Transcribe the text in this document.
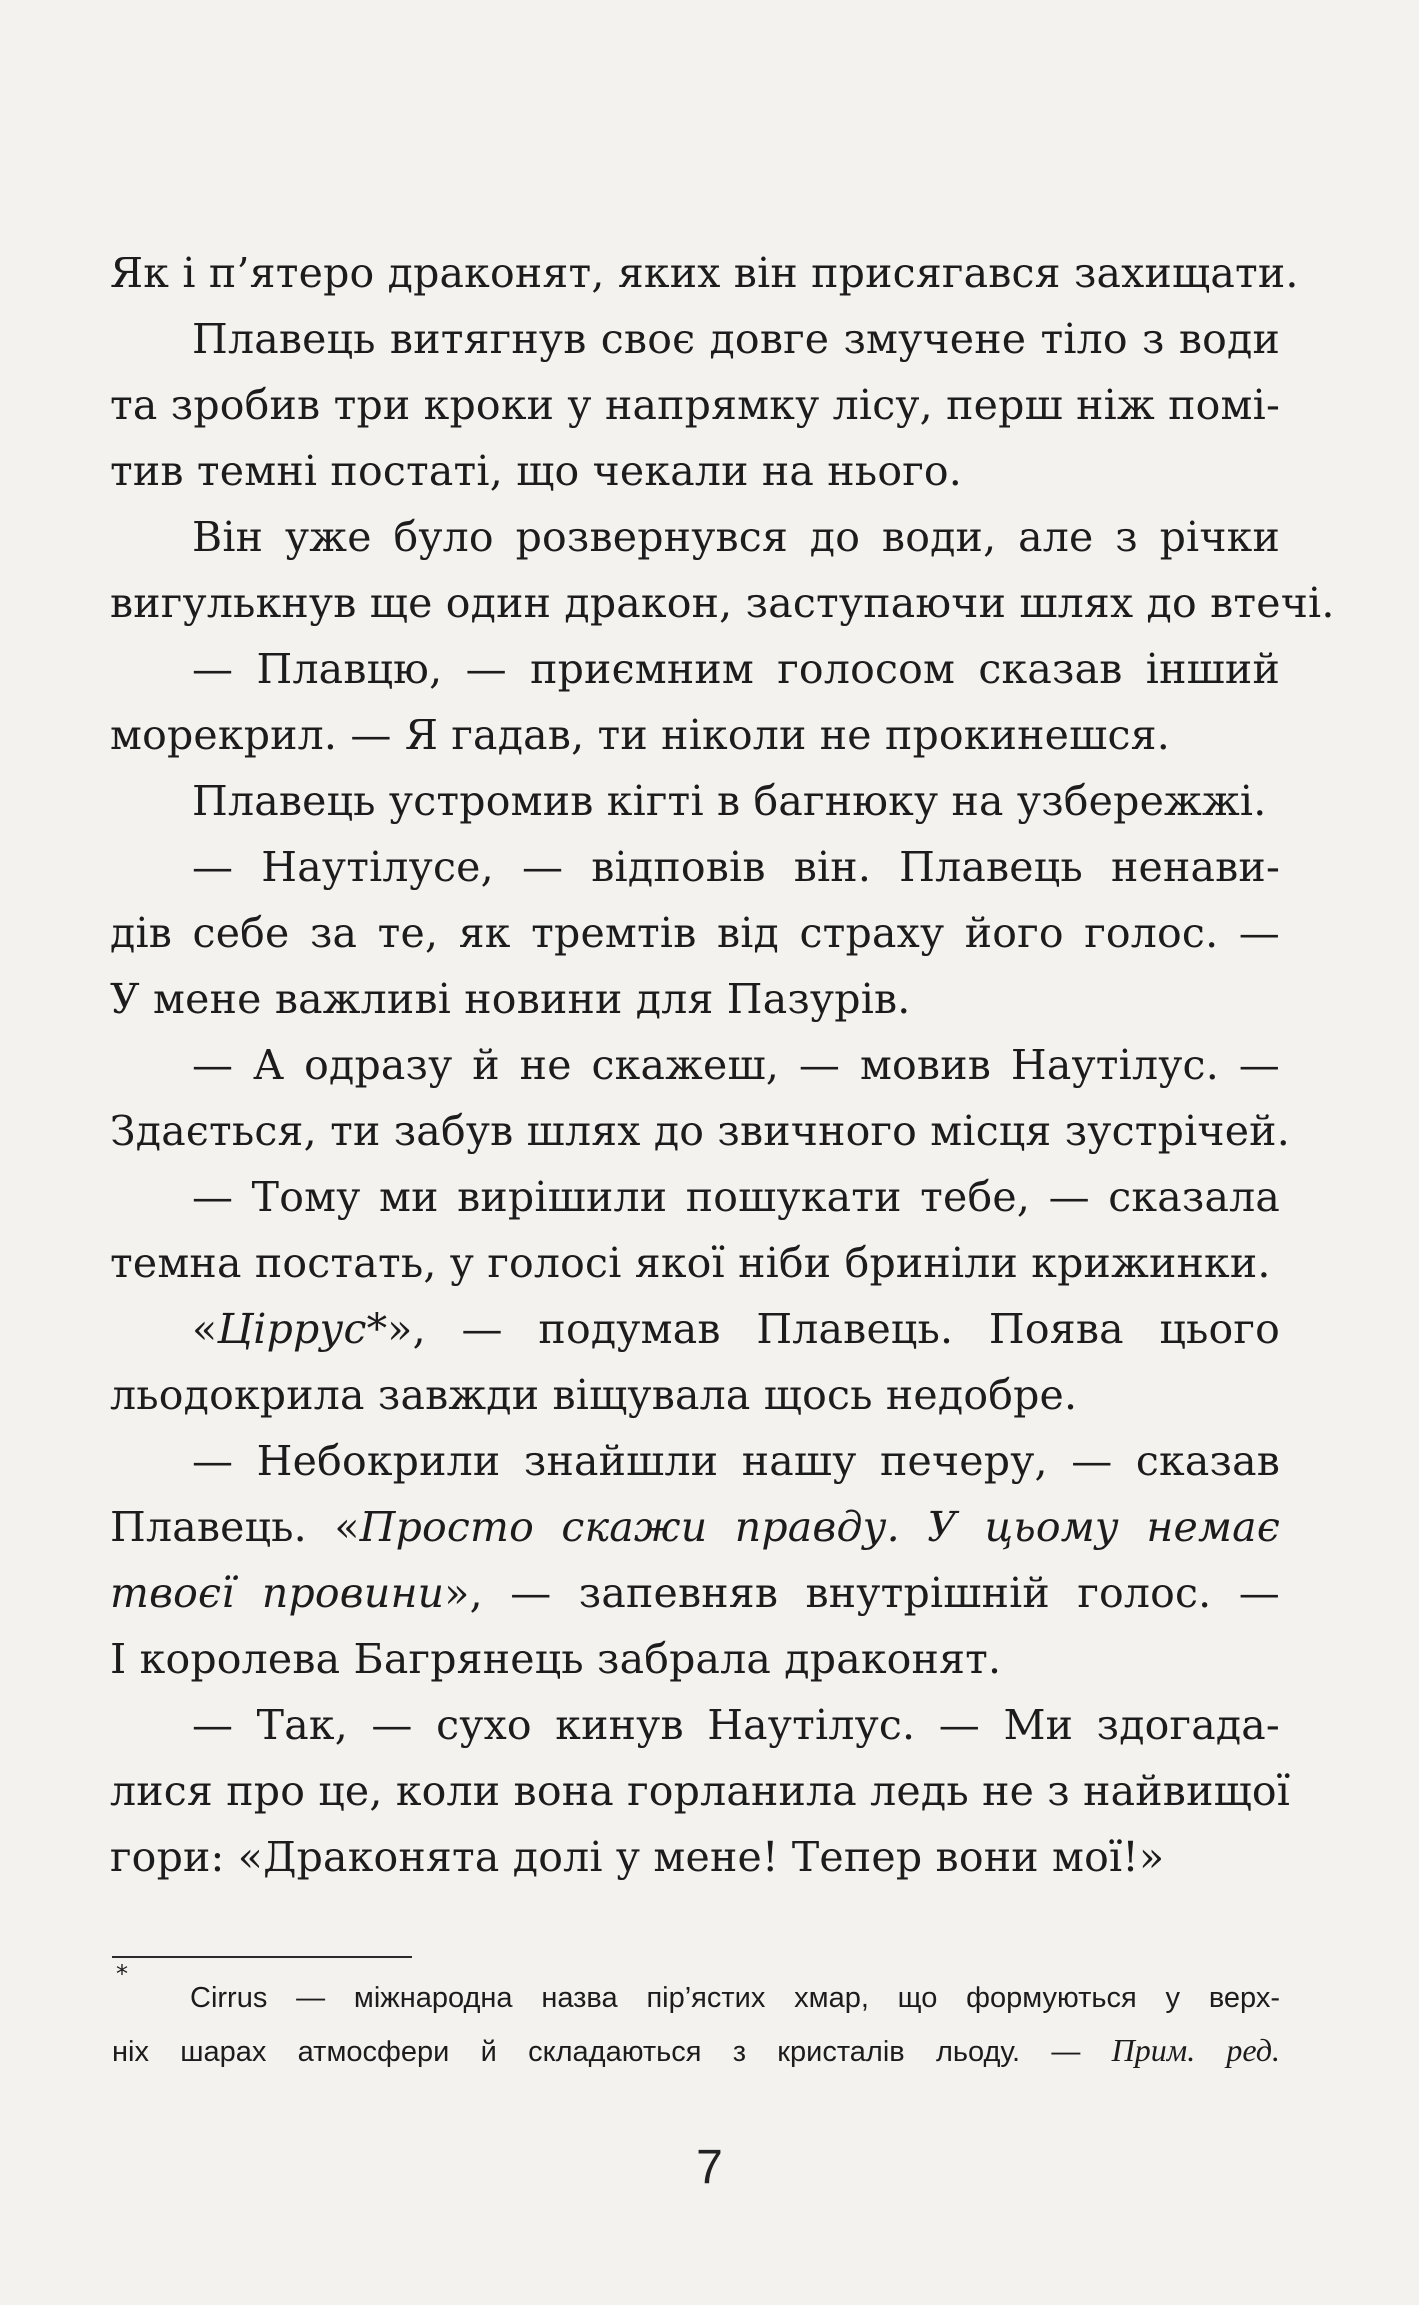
Як і п’ятеро драконят, яких він присягався захищати.
Плавець витягнув своє довге змучене тіло з води
та зробив три кроки у напрямку лісу, перш ніж помі-
тив темні постаті, що чекали на нього.
Він уже було розвернувся до води, але з річки
вигулькнув ще один дракон, заступаючи шлях до втечі.
— Плавцю, — приємним голосом сказав інший
морекрил. — Я гадав, ти ніколи не прокинешся.
Плавець устромив кігті в багнюку на узбережжі.
— Наутілусе, — відповів він. Плавець ненави-
дів себе за те, як тремтів від страху його голос. —
У мене важливі новини для Пазурів.
— А одразу й не скажеш, — мовив Наутілус. —
Здається, ти забув шлях до звичного місця зустрічей.
— Тому ми вирішили пошукати тебе, — сказала
темна постать, у голосі якої ніби бриніли крижинки.
«Ціррус*», — подумав Плавець. Поява цього
льодокрила завжди віщувала щось недобре.
— Небокрили знайшли нашу печеру, — сказав
Плавець. «Просто скажи правду. У цьому немає
твоєї провини», — запевняв внутрішній голос. —
І королева Багрянець забрала драконят.
— Так, — сухо кинув Наутілус. — Ми здогада-
лися про це, коли вона горланила ледь не з найвищої
гори: «Драконята долі у мене! Тепер вони мої!»
*
Cirrus — міжнародна назва пір’ястих хмар, що формуються у верх-
ніх шарах атмосфери й складаються з кристалів льоду. — Прим. ред.
7
